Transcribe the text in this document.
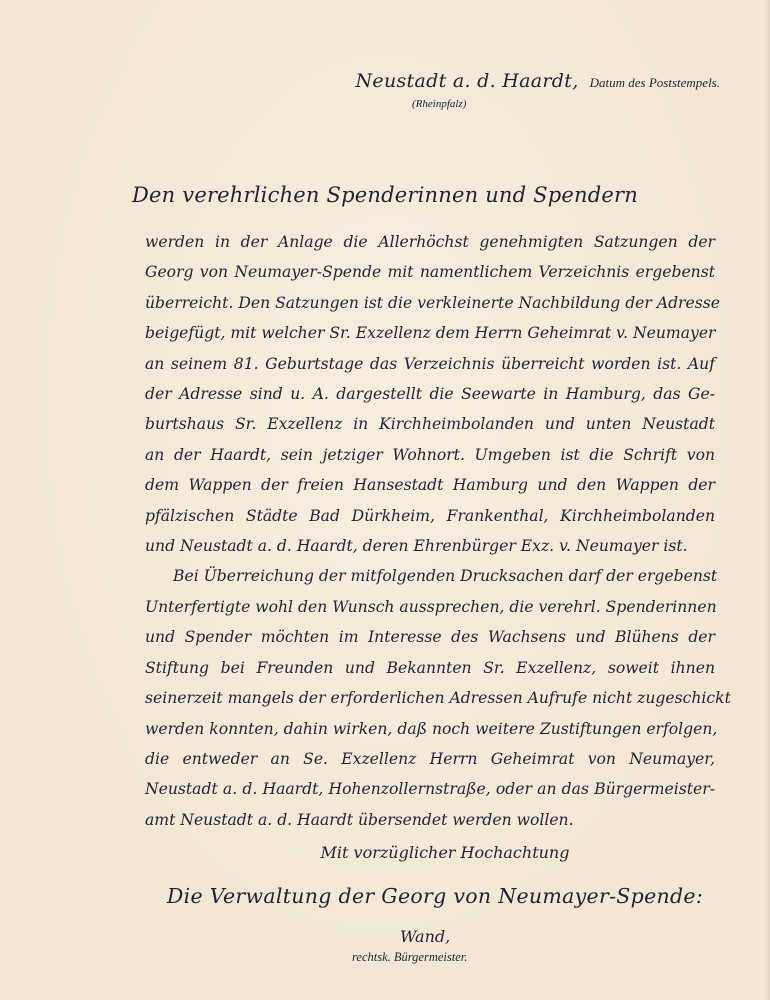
Neustadt a. d. Haardt, Datum des Poststempels.
(Rheinpfalz)
Den verehrlichen Spenderinnen und Spendern

werden in der Anlage die Allerhöchst genehmigten Satzungen der
Georg von Neumayer-Spende mit namentlichem Verzeichnis ergebenst
überreicht. Den Satzungen ist die verkleinerte Nachbildung der Adresse
beigefügt, mit welcher Sr. Exzellenz dem Herrn Geheimrat v. Neumayer
an seinem 81. Geburtstage das Verzeichnis überreicht worden ist. Auf
der Adresse sind u. A. dargestellt die Seewarte in Hamburg, das Ge-
burtshaus Sr. Exzellenz in Kirchheimbolanden und unten Neustadt
an der Haardt, sein jetziger Wohnort. Umgeben ist die Schrift von
dem Wappen der freien Hansestadt Hamburg und den Wappen der
pfälzischen Städte Bad Dürkheim, Frankenthal, Kirchheimbolanden
und Neustadt a. d. Haardt, deren Ehrenbürger Exz. v. Neumayer ist.

Bei Überreichung der mitfolgenden Drucksachen darf der ergebenst
Unterfertigte wohl den Wunsch aussprechen, die verehrl. Spenderinnen
und Spender möchten im Interesse des Wachsens und Blühens der
Stiftung bei Freunden und Bekannten Sr. Exzellenz, soweit ihnen
seinerzeit mangels der erforderlichen Adressen Aufrufe nicht zugeschickt
werden konnten, dahin wirken, daß noch weitere Zustiftungen erfolgen,
die entweder an Se. Exzellenz Herrn Geheimrat von Neumayer,
Neustadt a. d. Haardt, Hohenzollernstraße, oder an das Bürgermeister-
amt Neustadt a. d. Haardt übersendet werden wollen.

Mit vorzüglicher Hochachtung
Die Verwaltung der Georg von Neumayer-Spende:
Wand,
rechtsk. Bürgermeister.
